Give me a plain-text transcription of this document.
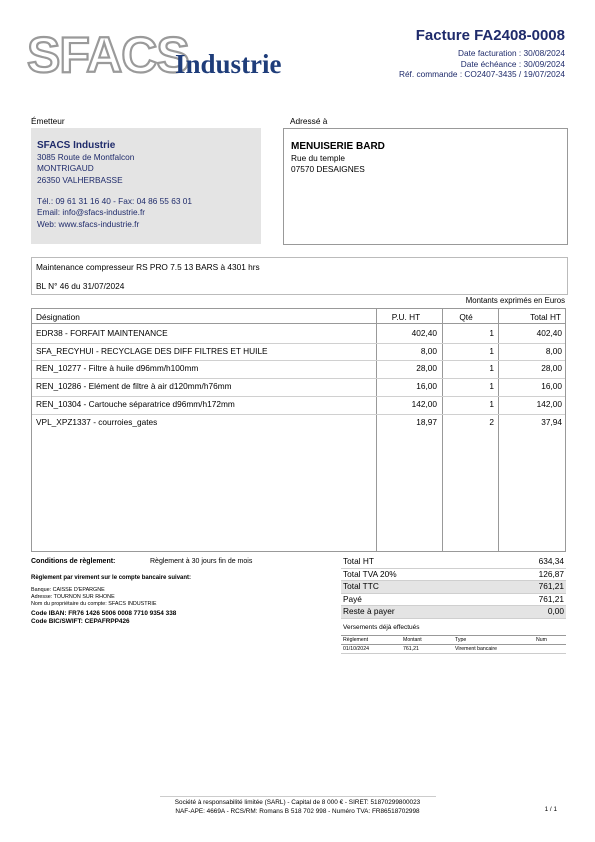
SFACS
Industrie
Facture FA2408-0008
Date facturation : 30/08/2024
Date échéance : 30/09/2024
Réf. commande : CO2407-3435 / 19/07/2024
Émetteur
SFACS Industrie
3085 Route de Montfalcon
MONTRIGAUD
26350 VALHERBASSE
Tél.: 09 61 31 16 40 - Fax: 04 86 55 63 01
Email: info@sfacs-industrie.fr
Web: www.sfacs-industrie.fr
Adressé à
MENUISERIE BARD
Rue du temple
07570 DESAIGNES
Maintenance compresseur RS PRO 7.5 13 BARS à 4301 hrs
BL N° 46 du 31/07/2024
Montants exprimés en Euros
Désignation	P.U. HT	Qté	Total HT
EDR38 - FORFAIT MAINTENANCE	402,40	1	402,40
SFA_RECYHUI - RECYCLAGE DES DIFF FILTRES ET HUILE	8,00	1	8,00
REN_10277 - Filtre à huile d96mm/h100mm	28,00	1	28,00
REN_10286 - Elément de filtre à air d120mm/h76mm	16,00	1	16,00
REN_10304 - Cartouche séparatrice d96mm/h172mm	142,00	1	142,00
VPL_XPZ1337 - courroies_gates	18,97	2	37,94
Conditions de règlement:	Règlement à 30 jours fin de mois
Règlement par virement sur le compte bancaire suivant:
Banque: CAISSE D'EPARGNE
Adresse: TOURNON SUR RHONE
Nom du propriétaire du compte: SFACS INDUSTRIE
Code IBAN: FR76 1426 5006 0008 7710 9354 338
Code BIC/SWIFT: CEPAFRPP426
Total HT	634,34
Total TVA 20%	126,87
Total TTC	761,21
Payé	761,21
Reste à payer	0,00
Versements déjà effectués
Règlement	Montant	Type	Num
01/10/2024	761,21	Virement bancaire
Société à responsabilité limitée (SARL) - Capital de 8 000 € - SIRET: 51870299800023
NAF-APE: 4669A - RCS/RM: Romans B 518 702 998 - Numéro TVA: FR86518702998	1 / 1
